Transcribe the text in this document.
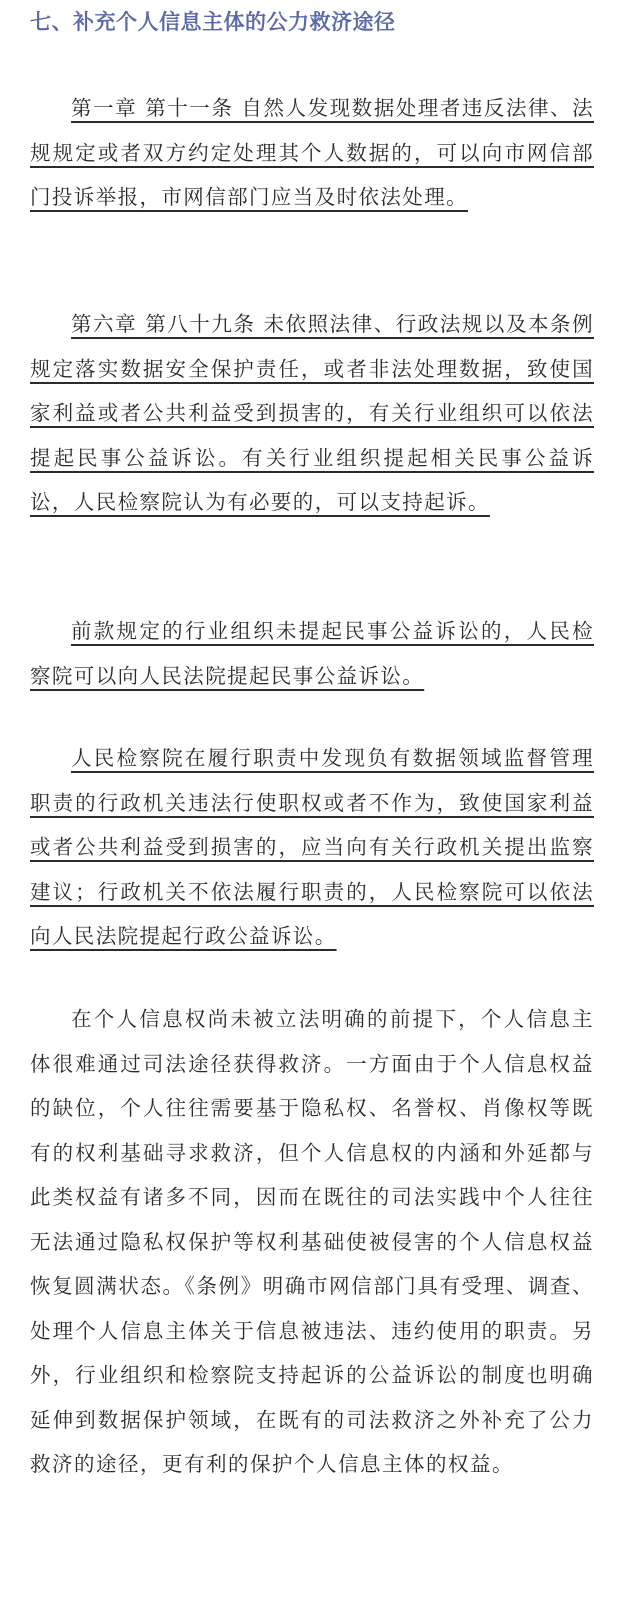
七、补充个人信息主体的公力救济途径

第一章 第十一条 自然人发现数据处理者违反法律、法规规定或者双方约定处理其个人数据的，可以向市网信部门投诉举报，市网信部门应当及时依法处理。

第六章 第八十九条 未依照法律、行政法规以及本条例规定落实数据安全保护责任，或者非法处理数据，致使国家利益或者公共利益受到损害的，有关行业组织可以依法提起民事公益诉讼。有关行业组织提起相关民事公益诉讼，人民检察院认为有必要的，可以支持起诉。

前款规定的行业组织未提起民事公益诉讼的，人民检察院可以向人民法院提起民事公益诉讼。

人民检察院在履行职责中发现负有数据领域监督管理职责的行政机关违法行使职权或者不作为，致使国家利益或者公共利益受到损害的，应当向有关行政机关提出监察建议；行政机关不依法履行职责的，人民检察院可以依法向人民法院提起行政公益诉讼。

在个人信息权尚未被立法明确的前提下，个人信息主体很难通过司法途径获得救济。一方面由于个人信息权益的缺位，个人往往需要基于隐私权、名誉权、肖像权等既有的权利基础寻求救济，但个人信息权的内涵和外延都与此类权益有诸多不同，因而在既往的司法实践中个人往往无法通过隐私权保护等权利基础使被侵害的个人信息权益恢复圆满状态。《条例》明确市网信部门具有受理、调查、处理个人信息主体关于信息被违法、违约使用的职责。另外，行业组织和检察院支持起诉的公益诉讼的制度也明确延伸到数据保护领域，在既有的司法救济之外补充了公力救济的途径，更有利的保护个人信息主体的权益。
